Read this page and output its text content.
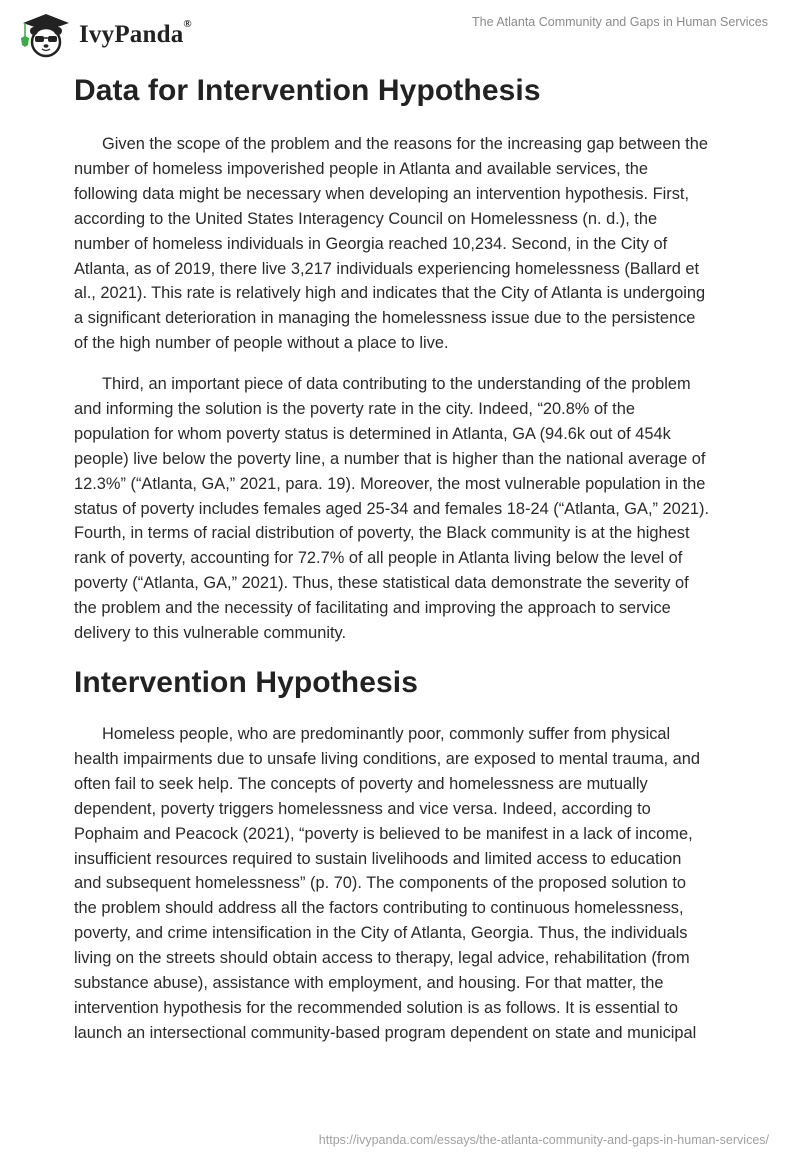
IvyPanda®	The Atlanta Community and Gaps in Human Services
Data for Intervention Hypothesis

Given the scope of the problem and the reasons for the increasing gap between the
number of homeless impoverished people in Atlanta and available services, the
following data might be necessary when developing an intervention hypothesis. First,
according to the United States Interagency Council on Homelessness (n. d.), the
number of homeless individuals in Georgia reached 10,234. Second, in the City of
Atlanta, as of 2019, there live 3,217 individuals experiencing homelessness (Ballard et
al., 2021). This rate is relatively high and indicates that the City of Atlanta is undergoing
a significant deterioration in managing the homelessness issue due to the persistence
of the high number of people without a place to live.

Third, an important piece of data contributing to the understanding of the problem
and informing the solution is the poverty rate in the city. Indeed, “20.8% of the
population for whom poverty status is determined in Atlanta, GA (94.6k out of 454k
people) live below the poverty line, a number that is higher than the national average of
12.3%” (“Atlanta, GA,” 2021, para. 19). Moreover, the most vulnerable population in the
status of poverty includes females aged 25-34 and females 18-24 (“Atlanta, GA,” 2021).
Fourth, in terms of racial distribution of poverty, the Black community is at the highest
rank of poverty, accounting for 72.7% of all people in Atlanta living below the level of
poverty (“Atlanta, GA,” 2021). Thus, these statistical data demonstrate the severity of
the problem and the necessity of facilitating and improving the approach to service
delivery to this vulnerable community.

Intervention Hypothesis

Homeless people, who are predominantly poor, commonly suffer from physical
health impairments due to unsafe living conditions, are exposed to mental trauma, and
often fail to seek help. The concepts of poverty and homelessness are mutually
dependent, poverty triggers homelessness and vice versa. Indeed, according to
Pophaim and Peacock (2021), “poverty is believed to be manifest in a lack of income,
insufficient resources required to sustain livelihoods and limited access to education
and subsequent homelessness” (p. 70). The components of the proposed solution to
the problem should address all the factors contributing to continuous homelessness,
poverty, and crime intensification in the City of Atlanta, Georgia. Thus, the individuals
living on the streets should obtain access to therapy, legal advice, rehabilitation (from
substance abuse), assistance with employment, and housing. For that matter, the
intervention hypothesis for the recommended solution is as follows. It is essential to
launch an intersectional community-based program dependent on state and municipal

https://ivypanda.com/essays/the-atlanta-community-and-gaps-in-human-services/
